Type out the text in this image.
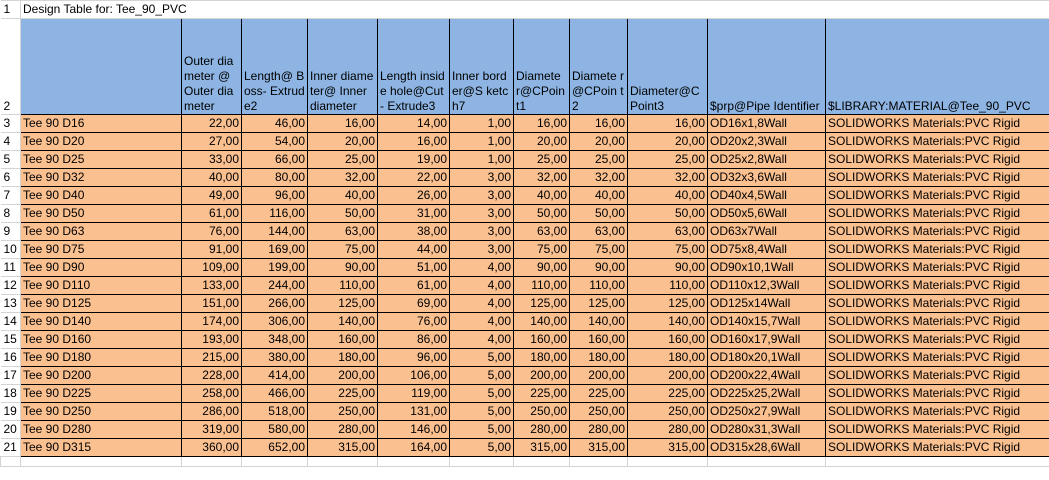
1	Design Table for: Tee_90_PVC										
2		Outer diameter @Outer diameter	Length@ Boss- Extrude2	Inner diameter@ Inner diameter	Length inside hole@Cut- Extrude3	Inner border@S ketch7	Diamete r@CPoin t1	Diamete r@CPoin t2	Diameter@C Point3	$prp@Pipe Identifier	$LIBRARY:MATERIAL@Tee_90_PVC
3	Tee 90 D16	22,00	46,00	16,00	14,00	1,00	16,00	16,00	16,00	OD16x1,8Wall	SOLIDWORKS Materials:PVC Rigid
4	Tee 90 D20	27,00	54,00	20,00	16,00	1,00	20,00	20,00	20,00	OD20x2,3Wall	SOLIDWORKS Materials:PVC Rigid
5	Tee 90 D25	33,00	66,00	25,00	19,00	1,00	25,00	25,00	25,00	OD25x2,8Wall	SOLIDWORKS Materials:PVC Rigid
6	Tee 90 D32	40,00	80,00	32,00	22,00	3,00	32,00	32,00	32,00	OD32x3,6Wall	SOLIDWORKS Materials:PVC Rigid
7	Tee 90 D40	49,00	96,00	40,00	26,00	3,00	40,00	40,00	40,00	OD40x4,5Wall	SOLIDWORKS Materials:PVC Rigid
8	Tee 90 D50	61,00	116,00	50,00	31,00	3,00	50,00	50,00	50,00	OD50x5,6Wall	SOLIDWORKS Materials:PVC Rigid
9	Tee 90 D63	76,00	144,00	63,00	38,00	3,00	63,00	63,00	63,00	OD63x7Wall	SOLIDWORKS Materials:PVC Rigid
10	Tee 90 D75	91,00	169,00	75,00	44,00	3,00	75,00	75,00	75,00	OD75x8,4Wall	SOLIDWORKS Materials:PVC Rigid
11	Tee 90 D90	109,00	199,00	90,00	51,00	4,00	90,00	90,00	90,00	OD90x10,1Wall	SOLIDWORKS Materials:PVC Rigid
12	Tee 90 D110	133,00	244,00	110,00	61,00	4,00	110,00	110,00	110,00	OD110x12,3Wall	SOLIDWORKS Materials:PVC Rigid
13	Tee 90 D125	151,00	266,00	125,00	69,00	4,00	125,00	125,00	125,00	OD125x14Wall	SOLIDWORKS Materials:PVC Rigid
14	Tee 90 D140	174,00	306,00	140,00	76,00	4,00	140,00	140,00	140,00	OD140x15,7Wall	SOLIDWORKS Materials:PVC Rigid
15	Tee 90 D160	193,00	348,00	160,00	86,00	4,00	160,00	160,00	160,00	OD160x17,9Wall	SOLIDWORKS Materials:PVC Rigid
16	Tee 90 D180	215,00	380,00	180,00	96,00	5,00	180,00	180,00	180,00	OD180x20,1Wall	SOLIDWORKS Materials:PVC Rigid
17	Tee 90 D200	228,00	414,00	200,00	106,00	5,00	200,00	200,00	200,00	OD200x22,4Wall	SOLIDWORKS Materials:PVC Rigid
18	Tee 90 D225	258,00	466,00	225,00	119,00	5,00	225,00	225,00	225,00	OD225x25,2Wall	SOLIDWORKS Materials:PVC Rigid
19	Tee 90 D250	286,00	518,00	250,00	131,00	5,00	250,00	250,00	250,00	OD250x27,9Wall	SOLIDWORKS Materials:PVC Rigid
20	Tee 90 D280	319,00	580,00	280,00	146,00	5,00	280,00	280,00	280,00	OD280x31,3Wall	SOLIDWORKS Materials:PVC Rigid
21	Tee 90 D315	360,00	652,00	315,00	164,00	5,00	315,00	315,00	315,00	OD315x28,6Wall	SOLIDWORKS Materials:PVC Rigid
